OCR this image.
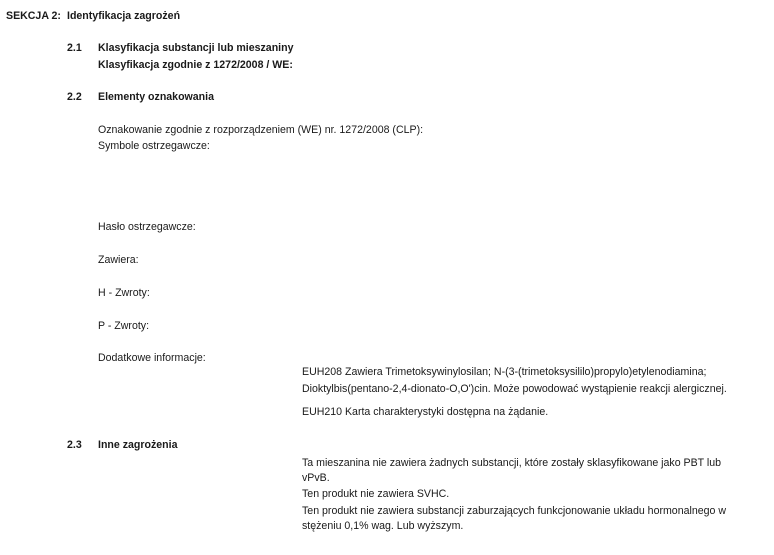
SEKCJA 2: Identyfikacja zagrożeń
2.1 Klasyfikacja substancji lub mieszaniny
Klasyfikacja zgodnie z 1272/2008 / WE:
2.2 Elementy oznakowania
Oznakowanie zgodnie z rozporządzeniem (WE) nr. 1272/2008 (CLP):
Symbole ostrzegawcze:
Hasło ostrzegawcze:
Zawiera:
H - Zwroty:
P - Zwroty:
Dodatkowe informacje:
EUH208 Zawiera Trimetoksywinylosilan; N-(3-(trimetoksysililo)propylo)etylenodiamina;
Dioktylbis(pentano-2,4-dionato-O,O')cin. Może powodować wystąpienie reakcji alergicznej.
EUH210 Karta charakterystyki dostępna na żądanie.
2.3 Inne zagrożenia
Ta mieszanina nie zawiera żadnych substancji, które zostały sklasyfikowane jako PBT lub
vPvB.
Ten produkt nie zawiera SVHC.
Ten produkt nie zawiera substancji zaburzających funkcjonowanie układu hormonalnego w
stężeniu 0,1% wag. Lub wyższym.
